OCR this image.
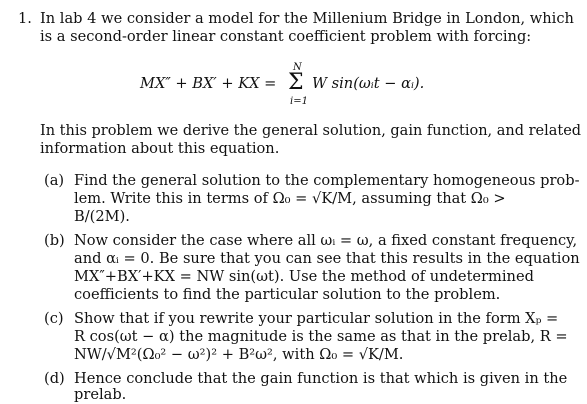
1. In lab 4 we consider a model for the Millenium Bridge in London, which
is a second-order linear constant coefficient problem with forcing:
MX″ + BX′ + KX =
N
Σ
i=1
W sin(ωᵢt − αᵢ).
In this problem we derive the general solution, gain function, and related
information about this equation.
(a) Find the general solution to the complementary homogeneous prob-
lem. Write this in terms of Ω₀ = √K/M, assuming that Ω₀ >
B/(2M).
(b) Now consider the case where all ωᵢ = ω, a fixed constant frequency,
and αᵢ = 0. Be sure that you can see that this results in the equation
MX″+BX′+KX = NW sin(ωt). Use the method of undetermined
coefficients to find the particular solution to the problem.
(c) Show that if you rewrite your particular solution in the form Xₚ =
R cos(ωt − α) the magnitude is the same as that in the prelab, R =
NW/√M²(Ω₀² − ω²)² + B²ω², with Ω₀ = √K/M.
(d) Hence conclude that the gain function is that which is given in the
prelab.
